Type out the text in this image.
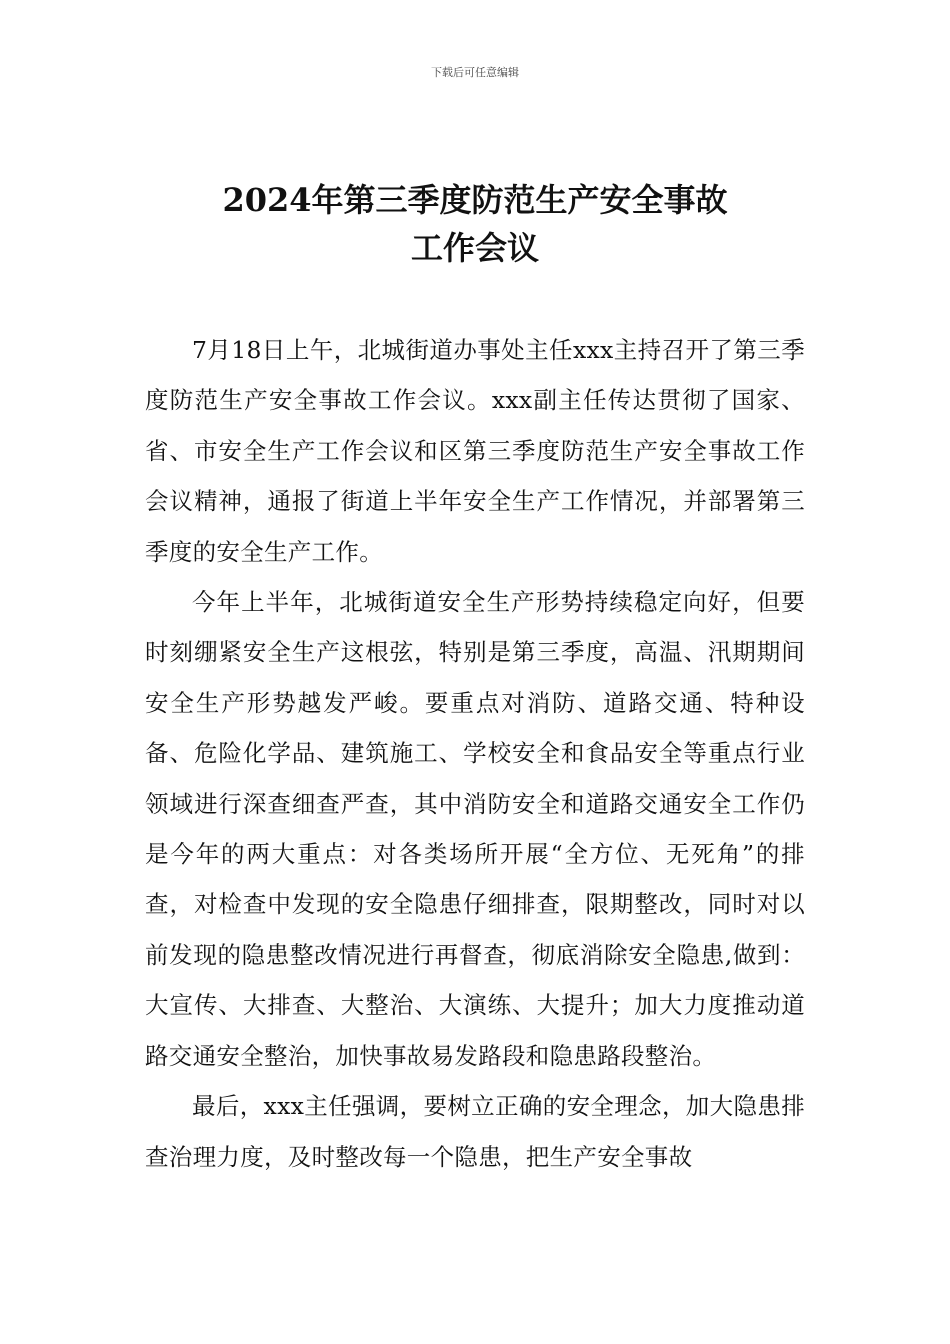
下载后可任意编辑
2024年第三季度防范生产安全事故
工作会议

7月18日上午，北城街道办事处主任xxx主持召开了第三季度防范生产安全事故工作会议。xxx副主任传达贯彻了国家、省、市安全生产工作会议和区第三季度防范生产安全事故工作会议精神，通报了街道上半年安全生产工作情况，并部署第三季度的安全生产工作。

今年上半年，北城街道安全生产形势持续稳定向好，但要时刻绷紧安全生产这根弦，特别是第三季度，高温、汛期期间安全生产形势越发严峻。要重点对消防、道路交通、特种设备、危险化学品、建筑施工、学校安全和食品安全等重点行业领域进行深查细查严查，其中消防安全和道路交通安全工作仍是今年的两大重点：对各类场所开展“全方位、无死角”的排查，对检查中发现的安全隐患仔细排查，限期整改，同时对以前发现的隐患整改情况进行再督查，彻底消除安全隐患,做到：大宣传、大排查、大整治、大演练、大提升；加大力度推动道路交通安全整治，加快事故易发路段和隐患路段整治。

最后，xxx主任强调，要树立正确的安全理念，加大隐患排查治理力度，及时整改每一个隐患，把生产安全事故
